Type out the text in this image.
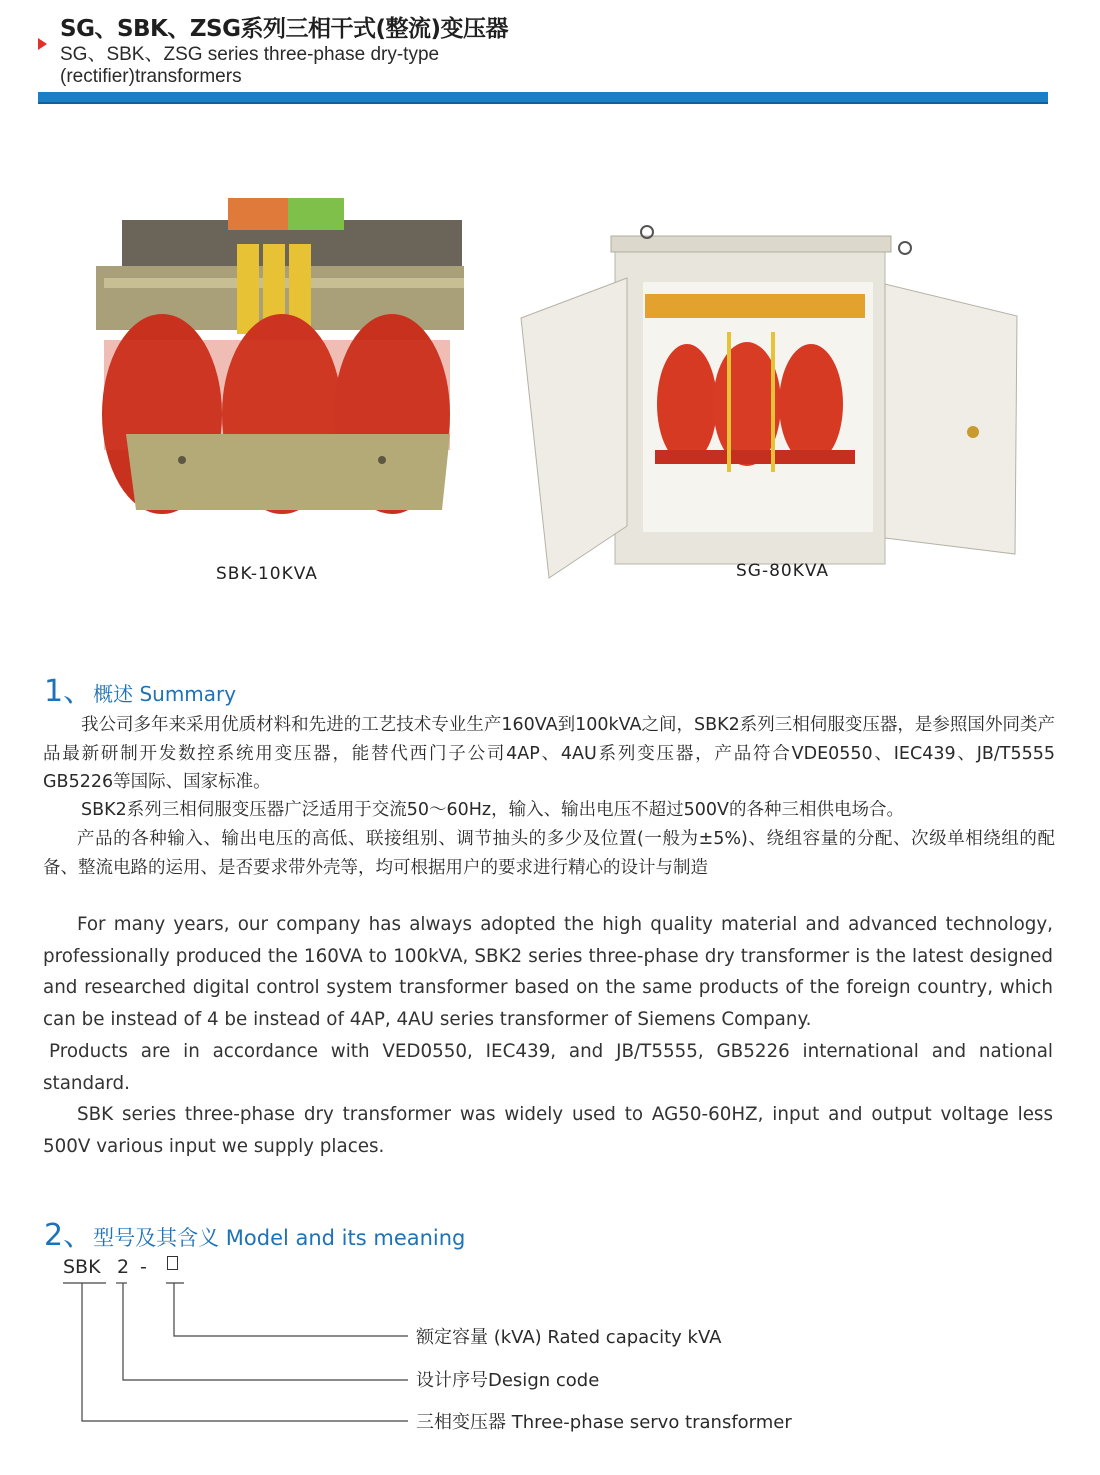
SG、SBK、ZSG系列三相干式(整流)变压器
SG、SBK、ZSG series three-phase dry-type (rectifier)transformers
SBK-10KVA	SG-80KVA
1、概述 Summary

我公司多年来采用优质材料和先进的工艺技术专业生产160VA到100kVA之间，SBK2系列三相伺服变压器，是参照国外同类产品最新研制开发数控系统用变压器，能替代西门子公司4AP、4AU系列变压器，产品符合VDE0550、IEC439、JB/T5555 GB5226等国际、国家标准。

SBK2系列三相伺服变压器广泛适用于交流50～60Hz，输入、输出电压不超过500V的各种三相供电场合。

产品的各种输入、输出电压的高低、联接组别、调节抽头的多少及位置(一般为±5%)、绕组容量的分配、次级单相绕组的配备、整流电路的运用、是否要求带外壳等，均可根据用户的要求进行精心的设计与制造

For many years, our company has always adopted the high quality material and advanced technology, professionally produced the 160VA to 100kVA, SBK2 series three-phase dry transformer is the latest designed and researched digital control system transformer based on the same products of the foreign country, which can be instead of 4 be instead of 4AP, 4AU series transformer of Siemens Company.

Products are in accordance with VED0550, IEC439, and JB/T5555, GB5226 international and national standard.

SBK series three-phase dry transformer was widely used to AG50-60HZ, input and output voltage less 500V various input we supply places.

2、型号及其含义 Model and its meaning
SBK 2 -
额定容量 (kVA) Rated capacity kVA
设计序号Design code
三相变压器 Three-phase servo transformer
